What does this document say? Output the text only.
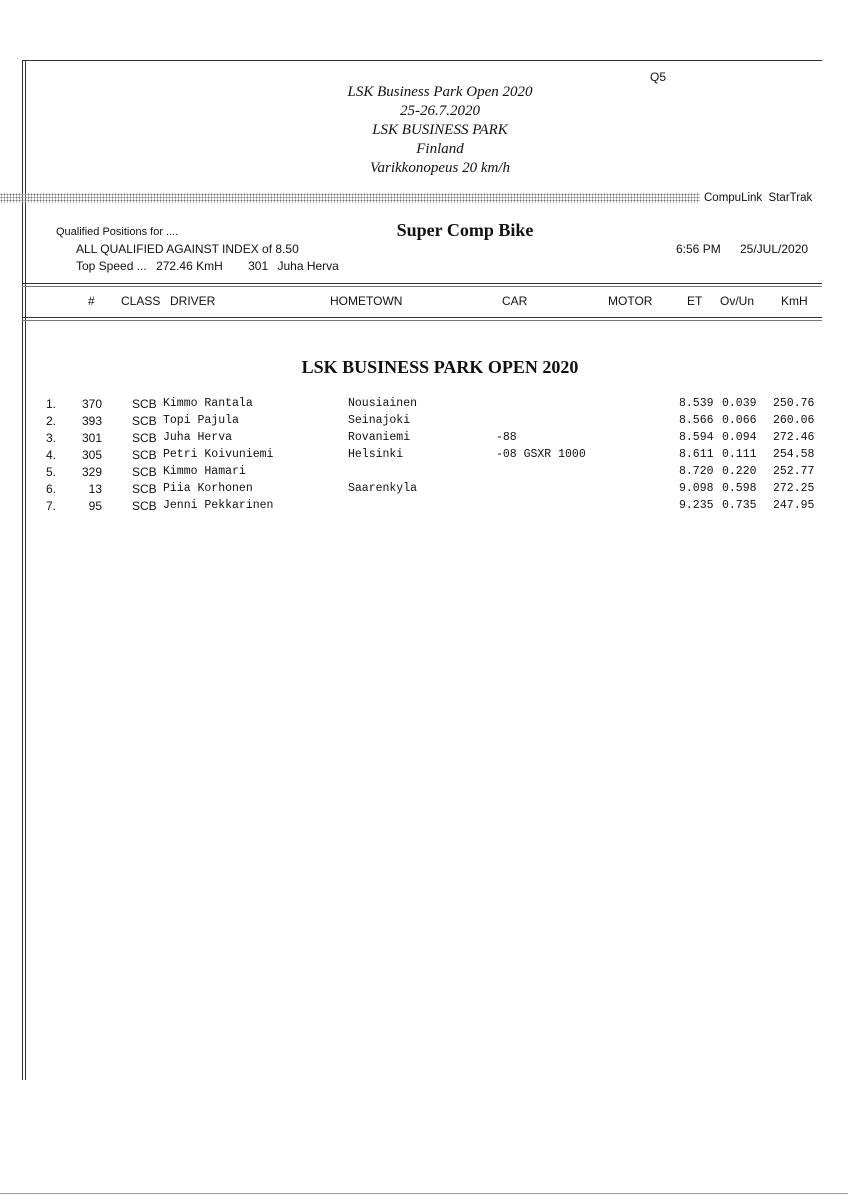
LSK Business Park Open 2020
25-26.7.2020
LSK BUSINESS PARK
Finland
Varikkonopeus 20 km/h
Q5
CompuLink  StarTrak
Qualified Positions for ....
ALL QUALIFIED AGAINST INDEX of 8.50
Top Speed ... 272.46 KmH 301 Juha Herva
Super Comp Bike
6:56 PM 25/JUL/2020
# CLASS DRIVER	HOMETOWN	CAR	MOTOR	ET Ov/Un KmH
LSK BUSINESS PARK OPEN 2020
1. 370	SCB Kimmo Rantala	Nousiainen	8.539 0.039 250.76
2. 393	SCB Topi Pajula	Seinajoki	8.566 0.066 260.06
3. 301	SCB Juha Herva	Rovaniemi	-88	8.594 0.094 272.46
4. 305	SCB Petri Koivuniemi	Helsinki	-08 GSXR 1000	8.611 0.111 254.58
5. 329	SCB Kimmo Hamari	8.720 0.220 252.77
6.	13	SCB Piia Korhonen	Saarenkyla	9.098 0.598 272.25
7.	95	SCB Jenni Pekkarinen	9.235 0.735 247.95
